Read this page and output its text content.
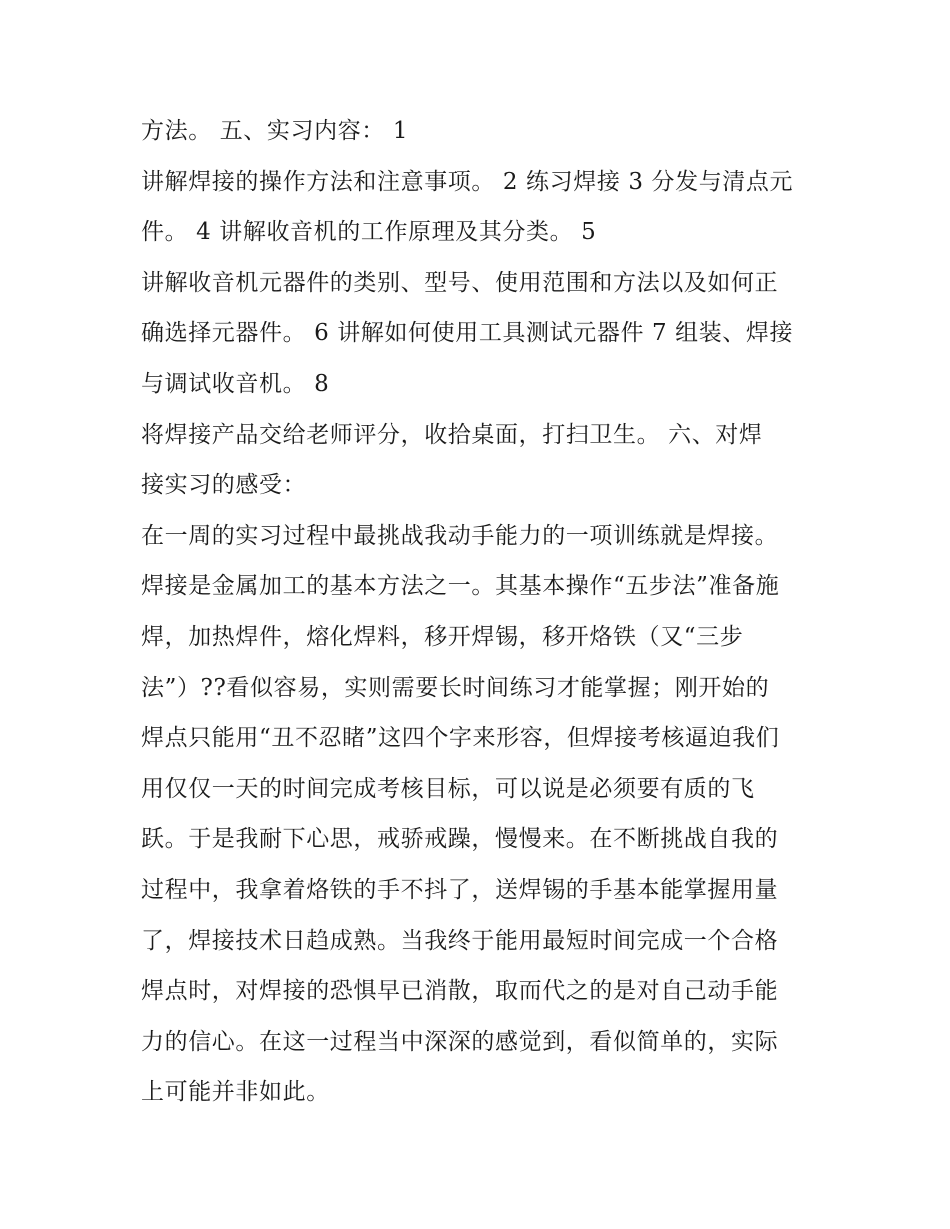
方法。 五、实习内容： 1
讲解焊接的操作方法和注意事项。 2 练习焊接 3 分发与清点元
件。 4 讲解收音机的工作原理及其分类。 5
讲解收音机元器件的类别、型号、使用范围和方法以及如何正
确选择元器件。 6 讲解如何使用工具测试元器件 7 组装、焊接
与调试收音机。 8
将焊接产品交给老师评分，收拾桌面，打扫卫生。 六、对焊
接实习的感受：
在一周的实习过程中最挑战我动手能力的一项训练就是焊接。
焊接是金属加工的基本方法之一。其基本操作“五步法”准备施
焊，加热焊件，熔化焊料，移开焊锡，移开烙铁（又“三步
法”）??看似容易，实则需要长时间练习才能掌握；刚开始的
焊点只能用“丑不忍睹”这四个字来形容，但焊接考核逼迫我们
用仅仅一天的时间完成考核目标，可以说是必须要有质的飞
跃。于是我耐下心思，戒骄戒躁，慢慢来。在不断挑战自我的
过程中，我拿着烙铁的手不抖了，送焊锡的手基本能掌握用量
了，焊接技术日趋成熟。当我终于能用最短时间完成一个合格
焊点时，对焊接的恐惧早已消散，取而代之的是对自己动手能
力的信心。在这一过程当中深深的感觉到，看似简单的，实际
上可能并非如此。
